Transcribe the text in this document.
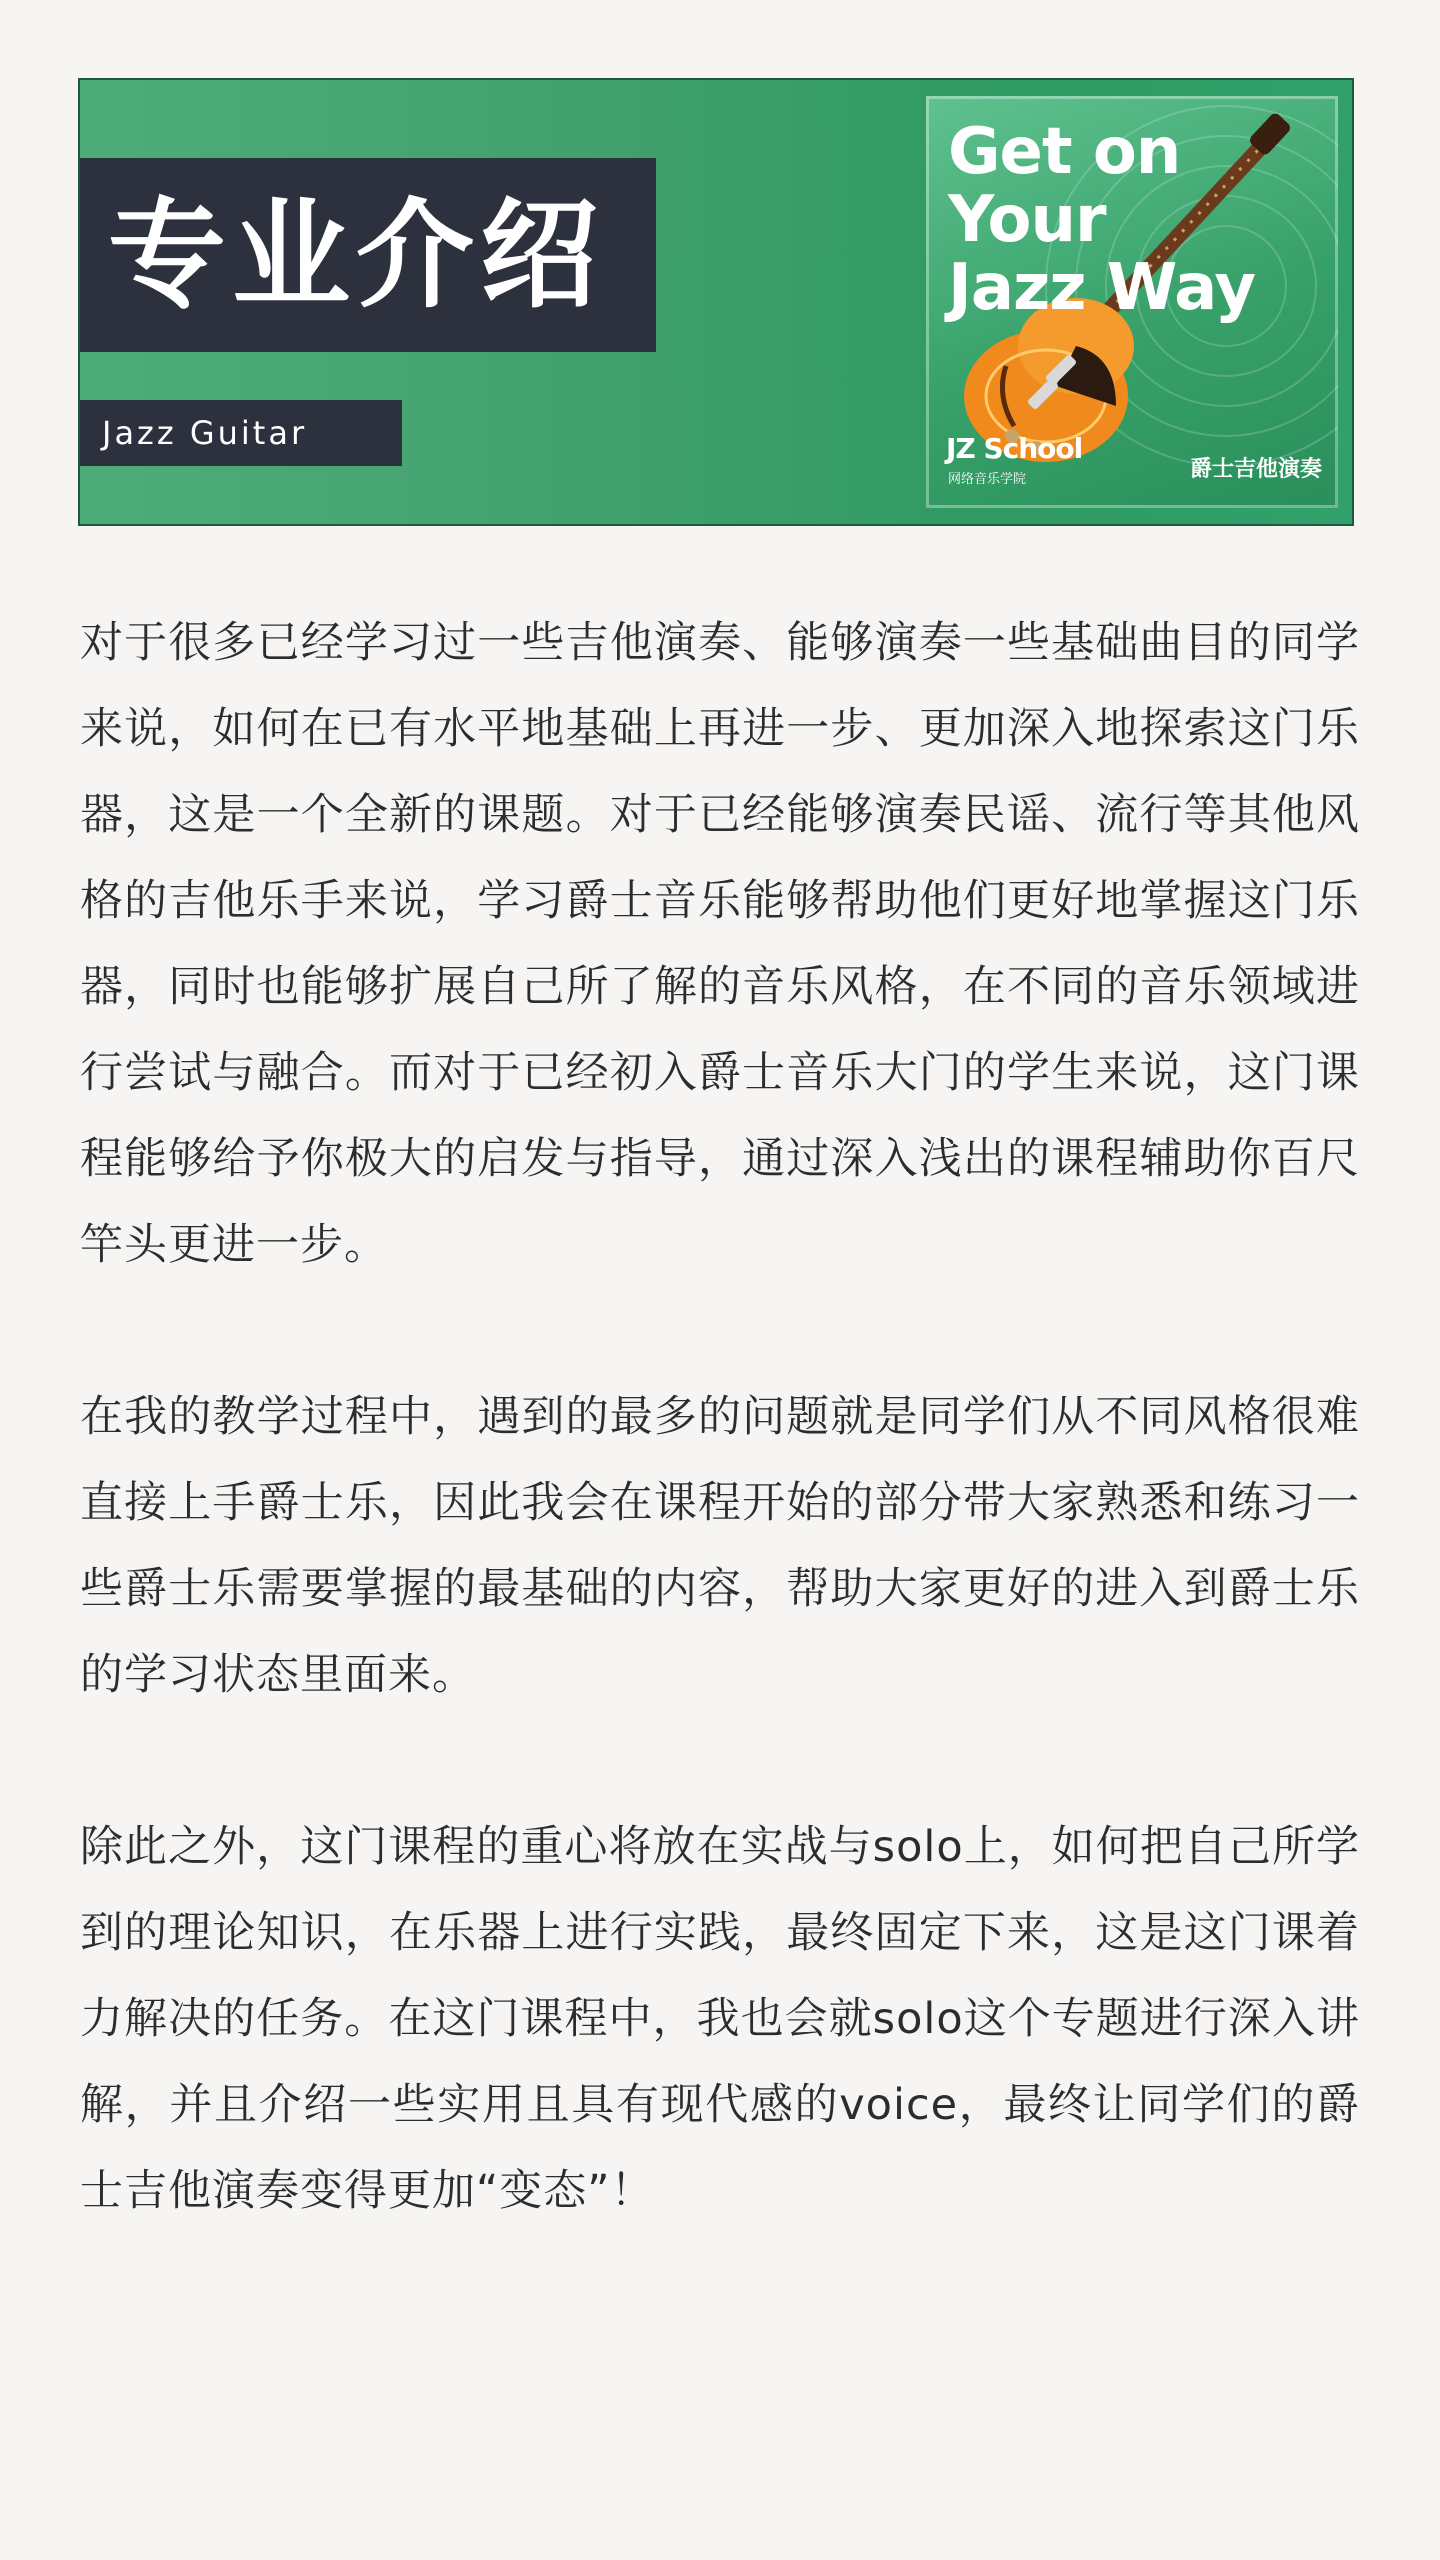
专业介绍
Jazz Guitar
Get on
Your
Jazz Way
JZ School
网络音乐学院	爵士吉他演奏

对于很多已经学习过一些吉他演奏、能够演奏一些基础曲目的同学来说，如何在已有水平地基础上再进一步、更加深入地探索这门乐器，这是一个全新的课题。对于已经能够演奏民谣、流行等其他风格的吉他乐手来说，学习爵士音乐能够帮助他们更好地掌握这门乐器，同时也能够扩展自己所了解的音乐风格，在不同的音乐领域进行尝试与融合。而对于已经初入爵士音乐大门的学生来说，这门课程能够给予你极大的启发与指导，通过深入浅出的课程辅助你百尺竿头更进一步。

在我的教学过程中，遇到的最多的问题就是同学们从不同风格很难直接上手爵士乐，因此我会在课程开始的部分带大家熟悉和练习一些爵士乐需要掌握的最基础的内容，帮助大家更好的进入到爵士乐的学习状态里面来。

除此之外，这门课程的重心将放在实战与solo上，如何把自己所学到的理论知识，在乐器上进行实践，最终固定下来，这是这门课着力解决的任务。在这门课程中，我也会就solo这个专题进行深入讲解，并且介绍一些实用且具有现代感的voice，最终让同学们的爵士吉他演奏变得更加“变态”！
